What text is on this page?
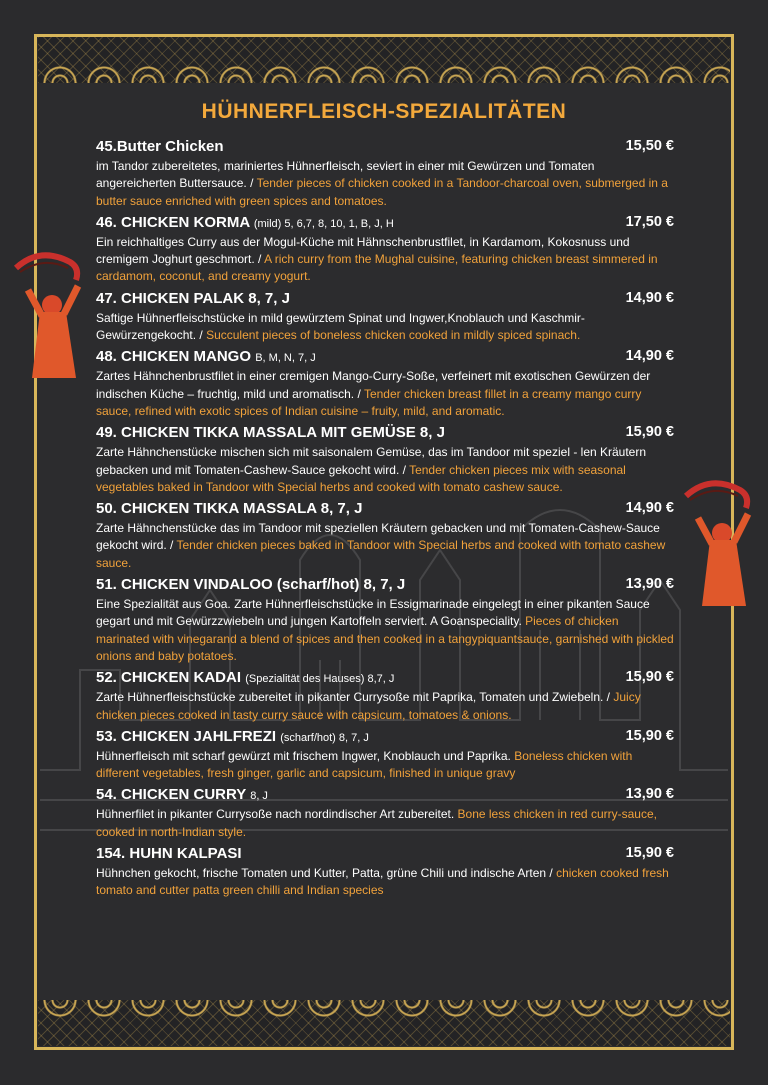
HÜHNERFLEISCH-SPEZIALITÄTEN
45.Butter Chicken	15,50 €
im Tandor zubereitetes, mariniertes Hühnerfleisch, seviert in einer mit Gewürzen und Tomaten angereicherten Buttersauce. / Tender pieces of chicken cooked in a Tandoor-charcoal oven, submerged in a butter sauce enriched with green spices and tomatoes.
46. CHICKEN KORMA (mild) 5, 6,7, 8, 10, 1, B, J, H	17,50 €
Ein reichhaltiges Curry aus der Mogul-Küche mit Hähnschenbrustfilet, in Kardamom, Kokosnuss und cremigem Joghurt geschmort. / A rich curry from the Mughal cuisine, featuring chicken breast simmered in cardamom, coconut, and creamy yogurt.
47. CHICKEN PALAK 8, 7, J	14,90 €
Saftige Hühnerfleischstücke in mild gewürztem Spinat und Ingwer,Knoblauch und Kaschmir-Gewürzengekocht. / Succulent pieces of boneless chicken cooked in mildly spiced spinach.
48. CHICKEN MANGO B, M, N, 7, J	14,90 €
Zartes Hähnchenbrustfilet in einer cremigen Mango-Curry-Soße, verfeinert mit exotischen Gewürzen der indischen Küche – fruchtig, mild und aromatisch. / Tender chicken breast fillet in a creamy mango curry sauce, refined with exotic spices of Indian cuisine – fruity, mild, and aromatic.
49. CHICKEN TIKKA MASSALA MIT GEMÜSE 8, J	15,90 €
Zarte Hähnchenstücke mischen sich mit saisonalem Gemüse, das im Tandoor mit speziel - len Kräutern gebacken und mit Tomaten-Cashew-Sauce gekocht wird. / Tender chicken pieces mix with seasonal vegetables baked in Tandoor with Special herbs and cooked with tomato cashew sauce.
50. CHICKEN TIKKA MASSALA 8, 7, J	14,90 €
Zarte Hähnchenstücke das im Tandoor mit speziellen Kräutern gebacken und mit Tomaten-Cashew-Sauce gekocht wird. / Tender chicken pieces baked in Tandoor with Special herbs and cooked with tomato cashew sauce.
51. CHICKEN VINDALOO (scharf/hot) 8, 7, J	13,90 €
Eine Spezialität aus Goa. Zarte Hühnerfleischstücke in Essigmarinade eingelegt in einer pikanten Sauce gegart und mit Gewürzzwiebeln und jungen Kartoffeln serviert. A Goanspeciality. Pieces of chicken marinated with vinegarand a blend of spices and then cooked in a tangypiquantsauce, garnished with pickled onions and baby potatoes.
52. CHICKEN KADAI (Spezialität des Hauses) 8,7, J	15,90 €
Zarte Hühnerfleischstücke zubereitet in pikanter Currysoße mit Paprika, Tomaten und Zwiebeln. / Juicy chicken pieces cooked in tasty curry sauce with capsicum, tomatoes & onions.
53. CHICKEN JAHLFREZI (scharf/hot) 8, 7, J	15,90 €
Hühnerfleisch mit scharf gewürzt mit frischem Ingwer, Knoblauch und Paprika. Boneless chicken with different vegetables, fresh ginger, garlic and capsicum, finished in unique gravy
54. CHICKEN CURRY 8, J	13,90 €
Hühnerfilet in pikanter Currysoße nach nordindischer Art zubereitet. Bone less chicken in red curry-sauce, cooked in north-Indian style.
154. HUHN KALPASI	15,90 €
Hühnchen gekocht, frische Tomaten und Kutter, Patta, grüne Chili und indische Arten / chicken cooked fresh tomato and cutter patta green chilli and Indian species
